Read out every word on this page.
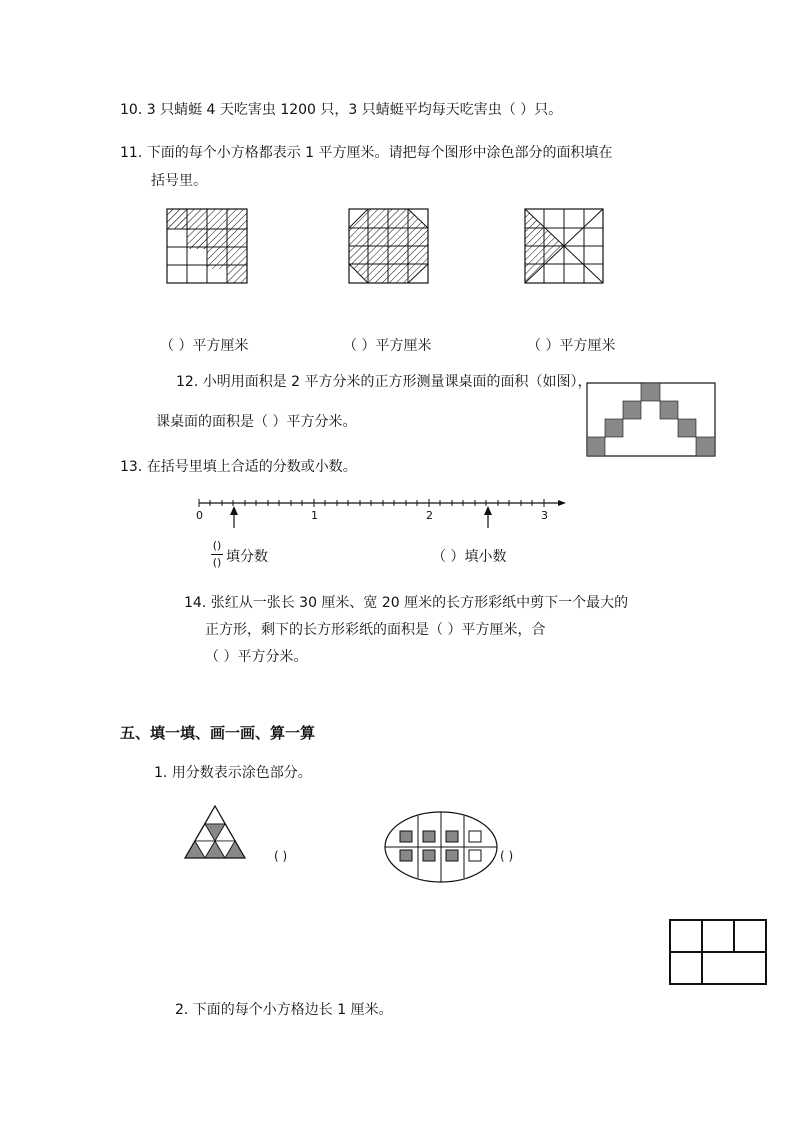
10. 3 只蜻蜓 4 天吃害虫 1200 只，3 只蜻蜓平均每天吃害虫（ ）只。
11. 下面的每个小方格都表示 1 平方厘米。请把每个图形中涂色部分的面积填在
括号里。
（ ）平方厘米	（ ）平方厘米	（ ）平方厘米
12. 小明用面积是 2 平方分米的正方形测量课桌面的面积（如图），
课桌面的面积是（ ）平方分米。
13. 在括号里填上合适的分数或小数。
0	1	2	3
()
() 填分数	（ ）填小数
14. 张红从一张长 30 厘米、宽 20 厘米的长方形彩纸中剪下一个最大的
正方形，剩下的长方形彩纸的面积是（ ）平方厘米，合
（ ）平方分米。
五、填一填、画一画、算一算
1. 用分数表示涂色部分。
( )	( )
2. 下面的每个小方格边长 1 厘米。
